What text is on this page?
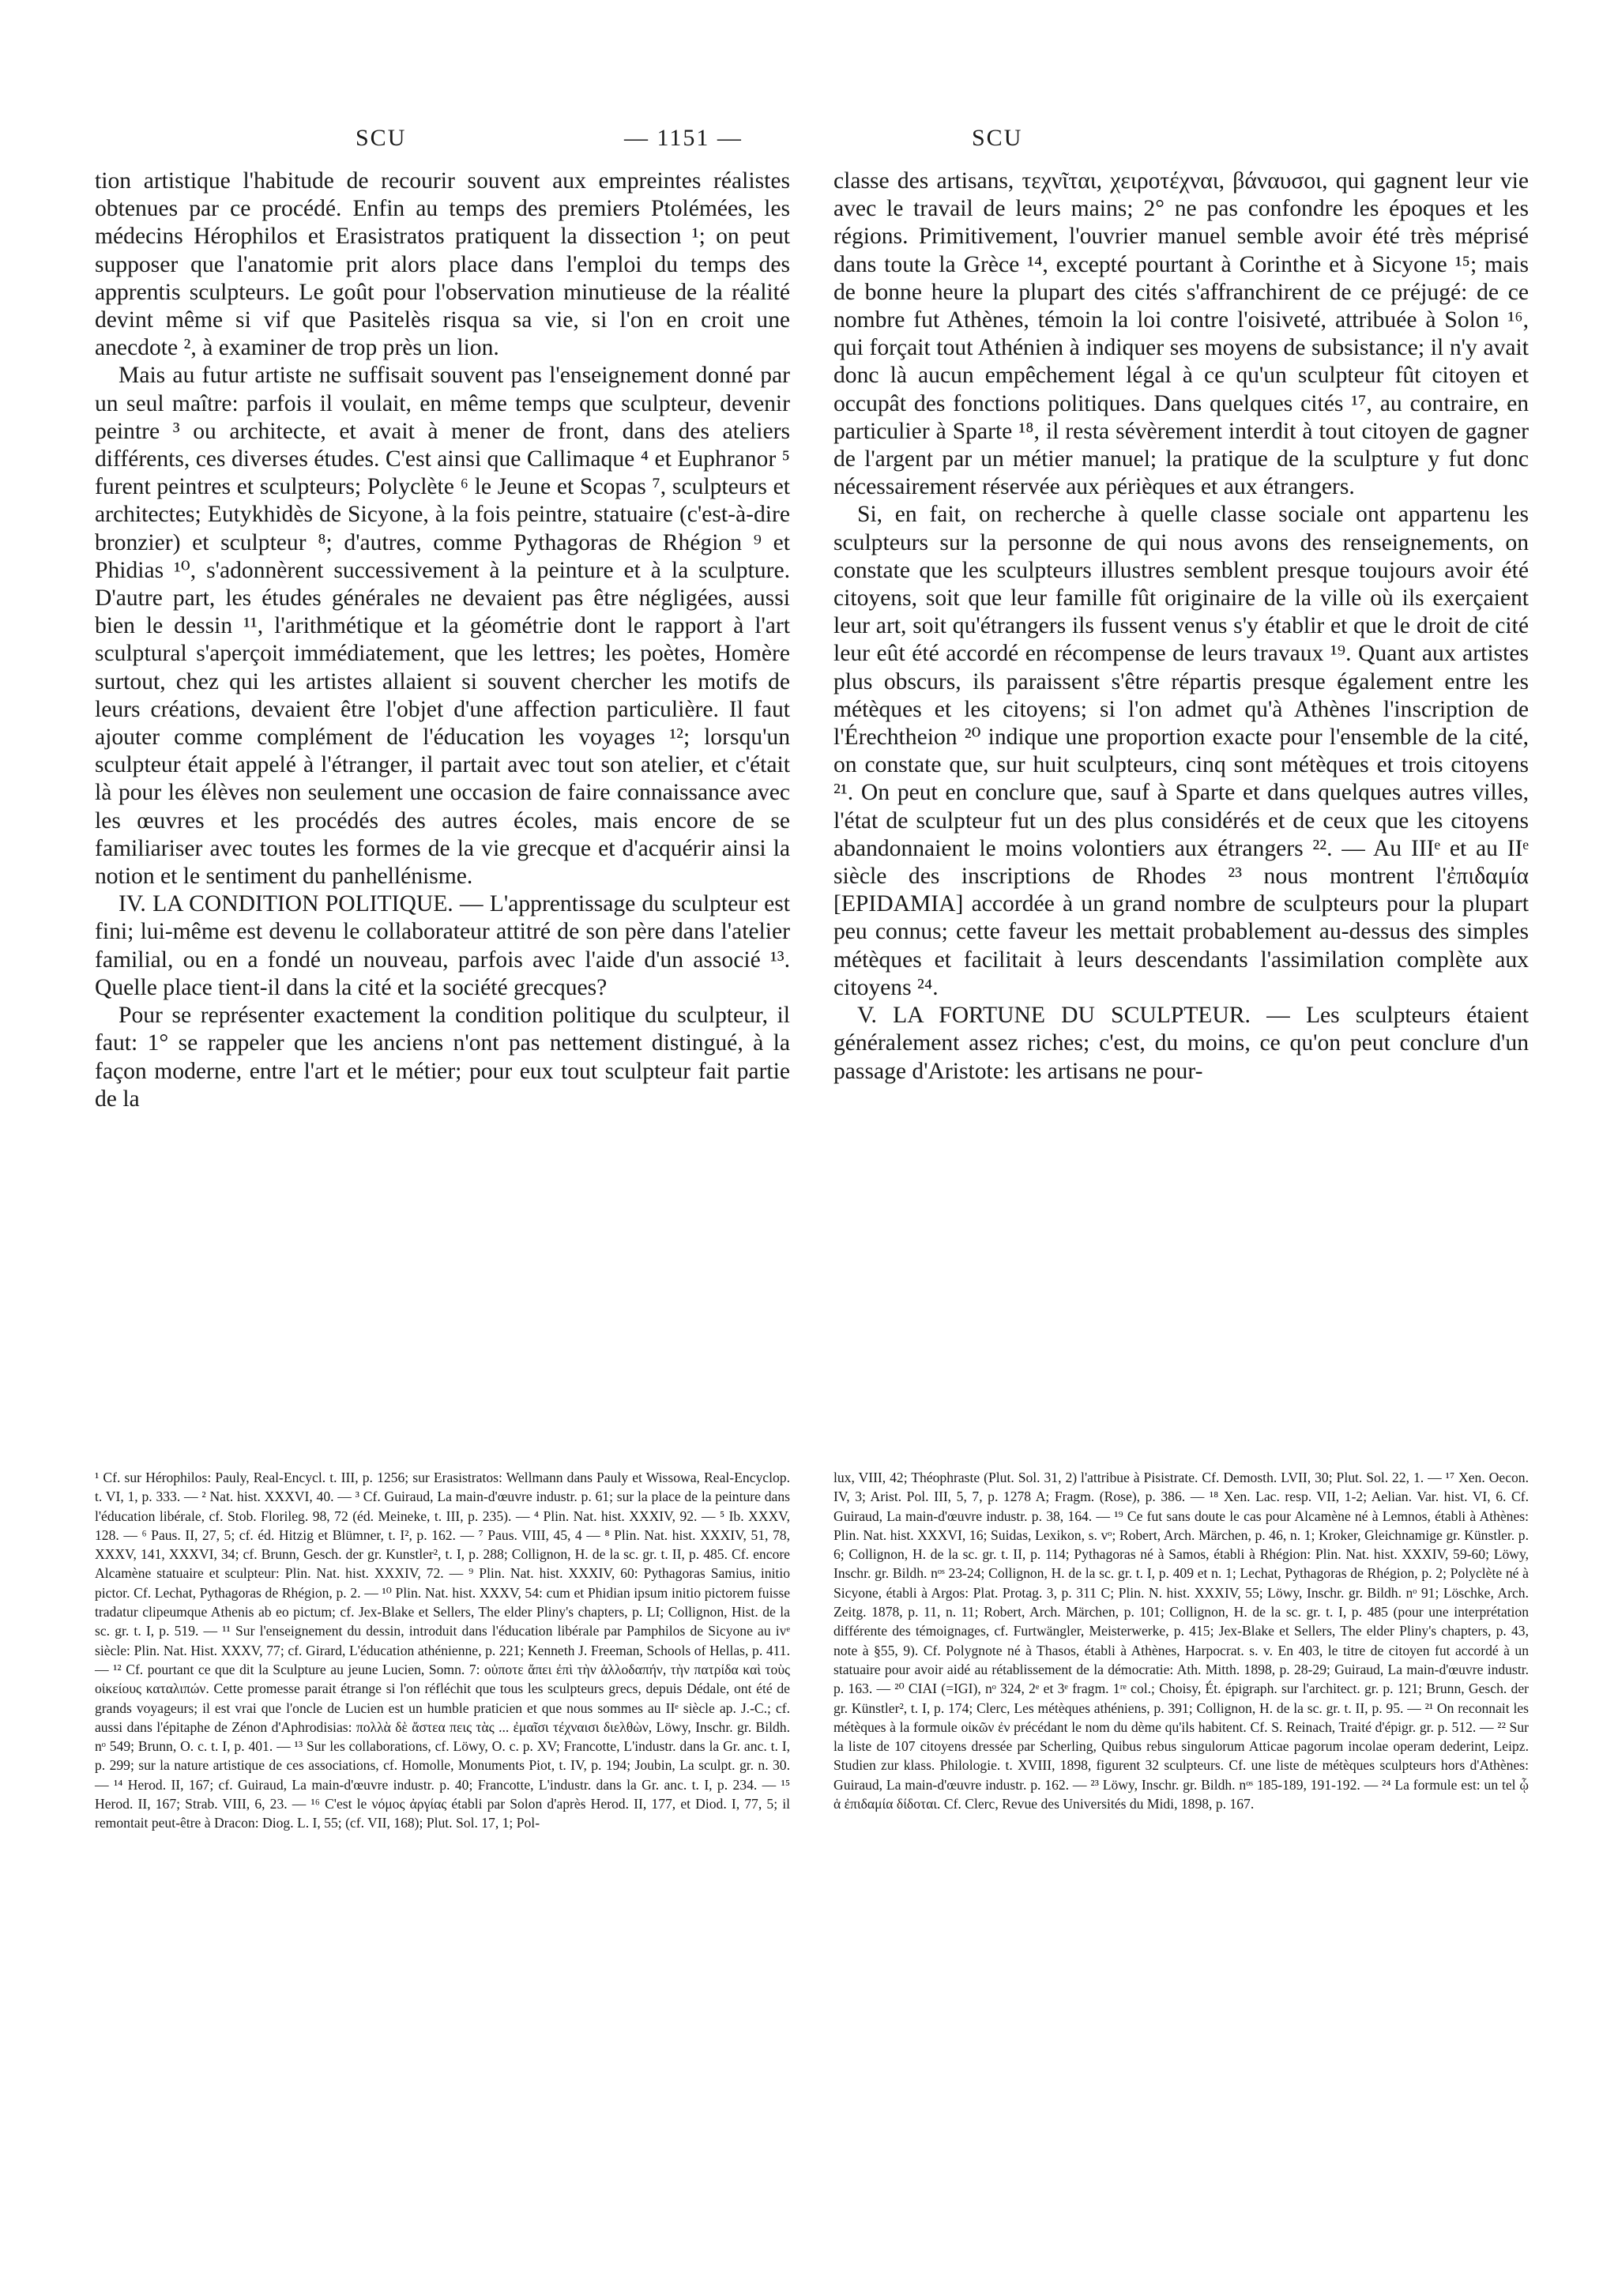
SCU	— 1151 —	SCU

tion artistique l'habitude de recourir souvent aux empreintes réalistes obtenues par ce procédé. Enfin au temps des premiers Ptolémées, les médecins Hérophilos et Erasistratos pratiquent la dissection ¹; on peut supposer que l'anatomie prit alors place dans l'emploi du temps des apprentis sculpteurs. Le goût pour l'observation minutieuse de la réalité devint même si vif que Pasitelès risqua sa vie, si l'on en croit une anecdote ², à examiner de trop près un lion.

Mais au futur artiste ne suffisait souvent pas l'enseignement donné par un seul maître: parfois il voulait, en même temps que sculpteur, devenir peintre ³ ou architecte, et avait à mener de front, dans des ateliers différents, ces diverses études. C'est ainsi que Callimaque ⁴ et Euphranor ⁵ furent peintres et sculpteurs; Polyclète ⁶ le Jeune et Scopas ⁷, sculpteurs et architectes; Eutykhidès de Sicyone, à la fois peintre, statuaire (c'est-à-dire bronzier) et sculpteur ⁸; d'autres, comme Pythagoras de Rhégion ⁹ et Phidias ¹⁰, s'adonnèrent successivement à la peinture et à la sculpture. D'autre part, les études générales ne devaient pas être négligées, aussi bien le dessin ¹¹, l'arithmétique et la géométrie dont le rapport à l'art sculptural s'aperçoit immédiatement, que les lettres; les poètes, Homère surtout, chez qui les artistes allaient si souvent chercher les motifs de leurs créations, devaient être l'objet d'une affection particulière. Il faut ajouter comme complément de l'éducation les voyages ¹²; lorsqu'un sculpteur était appelé à l'étranger, il partait avec tout son atelier, et c'était là pour les élèves non seulement une occasion de faire connaissance avec les œuvres et les procédés des autres écoles, mais encore de se familiariser avec toutes les formes de la vie grecque et d'acquérir ainsi la notion et le sentiment du panhellénisme.

IV. LA CONDITION POLITIQUE. — L'apprentissage du sculpteur est fini; lui-même est devenu le collaborateur attitré de son père dans l'atelier familial, ou en a fondé un nouveau, parfois avec l'aide d'un associé ¹³. Quelle place tient-il dans la cité et la société grecques?

Pour se représenter exactement la condition politique du sculpteur, il faut: 1° se rappeler que les anciens n'ont pas nettement distingué, à la façon moderne, entre l'art et le métier; pour eux tout sculpteur fait partie de la

classe des artisans, τεχνῖται, χειροτέχναι, βάναυσοι, qui gagnent leur vie avec le travail de leurs mains; 2° ne pas confondre les époques et les régions. Primitivement, l'ouvrier manuel semble avoir été très méprisé dans toute la Grèce ¹⁴, excepté pourtant à Corinthe et à Sicyone ¹⁵; mais de bonne heure la plupart des cités s'affranchirent de ce préjugé: de ce nombre fut Athènes, témoin la loi contre l'oisiveté, attribuée à Solon ¹⁶, qui forçait tout Athénien à indiquer ses moyens de subsistance; il n'y avait donc là aucun empêchement légal à ce qu'un sculpteur fût citoyen et occupât des fonctions politiques. Dans quelques cités ¹⁷, au contraire, en particulier à Sparte ¹⁸, il resta sévèrement interdit à tout citoyen de gagner de l'argent par un métier manuel; la pratique de la sculpture y fut donc nécessairement réservée aux périèques et aux étrangers.

Si, en fait, on recherche à quelle classe sociale ont appartenu les sculpteurs sur la personne de qui nous avons des renseignements, on constate que les sculpteurs illustres semblent presque toujours avoir été citoyens, soit que leur famille fût originaire de la ville où ils exerçaient leur art, soit qu'étrangers ils fussent venus s'y établir et que le droit de cité leur eût été accordé en récompense de leurs travaux ¹⁹. Quant aux artistes plus obscurs, ils paraissent s'être répartis presque également entre les métèques et les citoyens; si l'on admet qu'à Athènes l'inscription de l'Érechtheion ²⁰ indique une proportion exacte pour l'ensemble de la cité, on constate que, sur huit sculpteurs, cinq sont métèques et trois citoyens ²¹. On peut en conclure que, sauf à Sparte et dans quelques autres villes, l'état de sculpteur fut un des plus considérés et de ceux que les citoyens abandonnaient le moins volontiers aux étrangers ²². — Au IIIᵉ et au IIᵉ siècle des inscriptions de Rhodes ²³ nous montrent l'ἐπιδαμία [EPIDAMIA] accordée à un grand nombre de sculpteurs pour la plupart peu connus; cette faveur les mettait probablement au-dessus des simples métèques et facilitait à leurs descendants l'assimilation complète aux citoyens ²⁴.

V. LA FORTUNE DU SCULPTEUR. — Les sculpteurs étaient généralement assez riches; c'est, du moins, ce qu'on peut conclure d'un passage d'Aristote: les artisans ne pour-

¹ Cf. sur Hérophilos: Pauly, Real-Encycl. t. III, p. 1256; sur Erasistratos: Wellmann dans Pauly et Wissowa, Real-Encyclop. t. VI, 1, p. 333. — ² Nat. hist. XXXVI, 40. — ³ Cf. Guiraud, La main-d'œuvre industr. p. 61; sur la place de la peinture dans l'éducation libérale, cf. Stob. Florileg. 98, 72 (éd. Meineke, t. III, p. 235). — ⁴ Plin. Nat. hist. XXXIV, 92. — ⁵ Ib. XXXV, 128. — ⁶ Paus. II, 27, 5; cf. éd. Hitzig et Blümner, t. I², p. 162. — ⁷ Paus. VIII, 45, 4 — ⁸ Plin. Nat. hist. XXXIV, 51, 78, XXXV, 141, XXXVI, 34; cf. Brunn, Gesch. der gr. Kunstler², t. I, p. 288; Collignon, H. de la sc. gr. t. II, p. 485. Cf. encore Alcamène statuaire et sculpteur: Plin. Nat. hist. XXXIV, 72. — ⁹ Plin. Nat. hist. XXXIV, 60: Pythagoras Samius, initio pictor. Cf. Lechat, Pythagoras de Rhégion, p. 2. — ¹⁰ Plin. Nat. hist. XXXV, 54: cum et Phidian ipsum initio pictorem fuisse tradatur clipeumque Athenis ab eo pictum; cf. Jex-Blake et Sellers, The elder Pliny's chapters, p. LI; Collignon, Hist. de la sc. gr. t. I, p. 519. — ¹¹ Sur l'enseignement du dessin, introduit dans l'éducation libérale par Pamphilos de Sicyone au ivᵉ siècle: Plin. Nat. Hist. XXXV, 77; cf. Girard, L'éducation athénienne, p. 221; Kenneth J. Freeman, Schools of Hellas, p. 411. — ¹² Cf. pourtant ce que dit la Sculpture au jeune Lucien, Somn. 7: οὐποτε ἄπει ἐπὶ τὴν ἀλλοδαπήν, τὴν πατρίδα καὶ τοὺς οἰκείους καταλιπών. Cette promesse parait étrange si l'on réfléchit que tous les sculpteurs grecs, depuis Dédale, ont été de grands voyageurs; il est vrai que l'oncle de Lucien est un humble praticien et que nous sommes au IIᵉ siècle ap. J.-C.; cf. aussi dans l'épitaphe de Zénon d'Aphrodisias: πολλὰ δὲ ἄστεα πεις τὰς ... ἐμαῖσι τέχναισι διελθὼν, Löwy, Inschr. gr. Bildh. nᵒ 549; Brunn, O. c. t. I, p. 401. — ¹³ Sur les collaborations, cf. Löwy, O. c. p. XV; Francotte, L'industr. dans la Gr. anc. t. I, p. 299; sur la nature artistique de ces associations, cf. Homolle, Monuments Piot, t. IV, p. 194; Joubin, La sculpt. gr. n. 30. — ¹⁴ Herod. II, 167; cf. Guiraud, La main-d'œuvre industr. p. 40; Francotte, L'industr. dans la Gr. anc. t. I, p. 234. — ¹⁵ Herod. II, 167; Strab. VIII, 6, 23. — ¹⁶ C'est le νόμος ἀργίας établi par Solon d'après Herod. II, 177, et Diod. I, 77, 5; il remontait peut-être à Dracon: Diog. L. I, 55; (cf. VII, 168); Plut. Sol. 17, 1; Pol-

lux, VIII, 42; Théophraste (Plut. Sol. 31, 2) l'attribue à Pisistrate. Cf. Demosth. LVII, 30; Plut. Sol. 22, 1. — ¹⁷ Xen. Oecon. IV, 3; Arist. Pol. III, 5, 7, p. 1278 A; Fragm. (Rose), p. 386. — ¹⁸ Xen. Lac. resp. VII, 1-2; Aelian. Var. hist. VI, 6. Cf. Guiraud, La main-d'œuvre industr. p. 38, 164. — ¹⁹ Ce fut sans doute le cas pour Alcamène né à Lemnos, établi à Athènes: Plin. Nat. hist. XXXVI, 16; Suidas, Lexikon, s. vᵒ; Robert, Arch. Märchen, p. 46, n. 1; Kroker, Gleichnamige gr. Künstler. p. 6; Collignon, H. de la sc. gr. t. II, p. 114; Pythagoras né à Samos, établi à Rhégion: Plin. Nat. hist. XXXIV, 59-60; Löwy, Inschr. gr. Bildh. nᵒˢ 23-24; Collignon, H. de la sc. gr. t. I, p. 409 et n. 1; Lechat, Pythagoras de Rhégion, p. 2; Polyclète né à Sicyone, établi à Argos: Plat. Protag. 3, p. 311 C; Plin. N. hist. XXXIV, 55; Löwy, Inschr. gr. Bildh. nᵒ 91; Löschke, Arch. Zeitg. 1878, p. 11, n. 11; Robert, Arch. Märchen, p. 101; Collignon, H. de la sc. gr. t. I, p. 485 (pour une interprétation différente des témoignages, cf. Furtwängler, Meisterwerke, p. 415; Jex-Blake et Sellers, The elder Pliny's chapters, p. 43, note à §55, 9). Cf. Polygnote né à Thasos, établi à Athènes, Harpocrat. s. v. En 403, le titre de citoyen fut accordé à un statuaire pour avoir aidé au rétablissement de la démocratie: Ath. Mitth. 1898, p. 28-29; Guiraud, La main-d'œuvre industr. p. 163. — ²⁰ CIAI (=IGI), nᵒ 324, 2ᵉ et 3ᵉ fragm. 1ʳᵉ col.; Choisy, Ét. épigraph. sur l'architect. gr. p. 121; Brunn, Gesch. der gr. Künstler², t. I, p. 174; Clerc, Les métèques athéniens, p. 391; Collignon, H. de la sc. gr. t. II, p. 95. — ²¹ On reconnait les métèques à la formule οἰκῶν ἐν précédant le nom du dème qu'ils habitent. Cf. S. Reinach, Traité d'épigr. gr. p. 512. — ²² Sur la liste de 107 citoyens dressée par Scherling, Quibus rebus singulorum Atticae pagorum incolae operam dederint, Leipz. Studien zur klass. Philologie. t. XVIII, 1898, figurent 32 sculpteurs. Cf. une liste de métèques sculpteurs hors d'Athènes: Guiraud, La main-d'œuvre industr. p. 162. — ²³ Löwy, Inschr. gr. Bildh. nᵒˢ 185-189, 191-192. — ²⁴ La formule est: un tel ᾧ ἁ ἐπιδαμία δίδοται. Cf. Clerc, Revue des Universités du Midi, 1898, p. 167.
